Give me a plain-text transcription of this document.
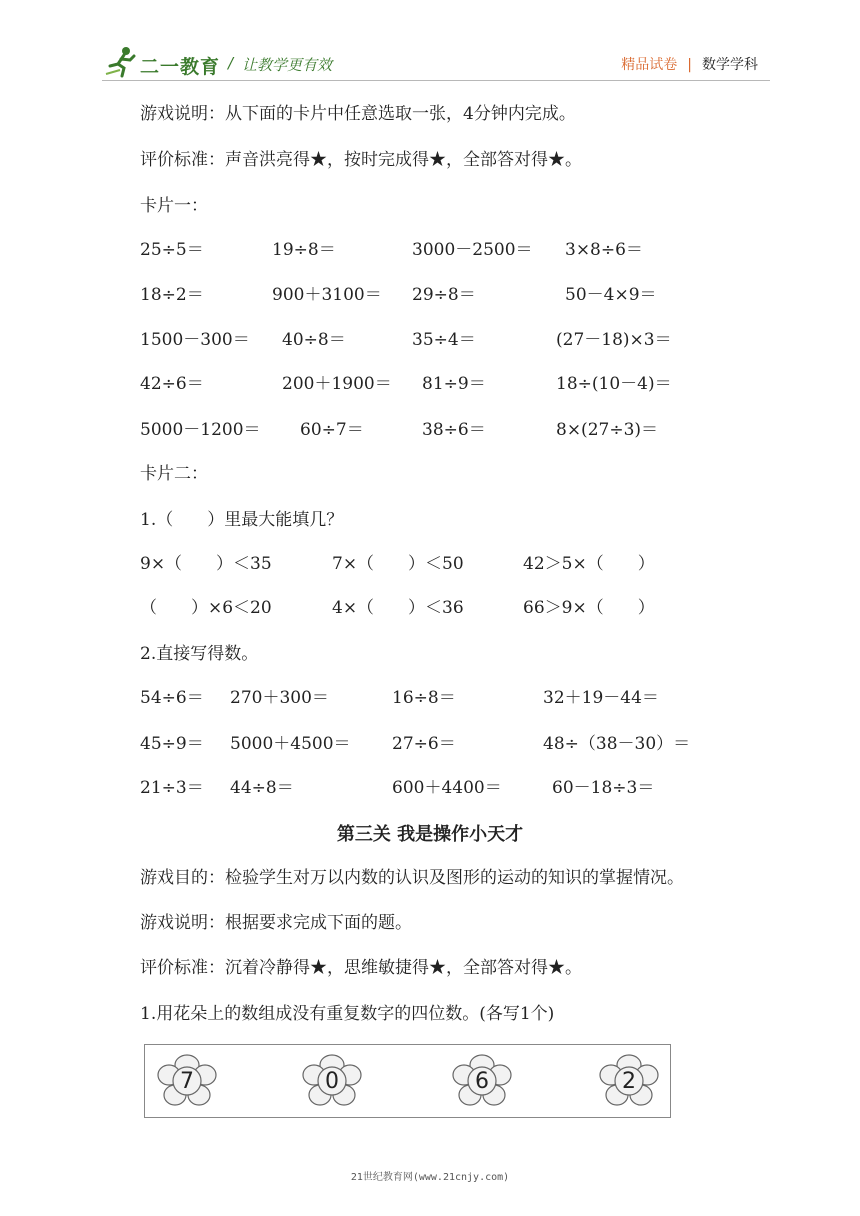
二一教育 / 让教学更有效	精品试卷 | 数学学科
游戏说明：从下面的卡片中任意选取一张，4分钟内完成。
评价标准：声音洪亮得★，按时完成得★，全部答对得★。
卡片一：
25÷5＝	19÷8＝	3000－2500＝ 3×8÷6＝
18÷2＝	900＋3100＝ 29÷8＝	50－4×9＝
1500－300＝ 40÷8＝	35÷4＝	(27－18)×3＝
42÷6＝	200＋1900＝ 81÷9＝	18÷(10－4)＝
5000－1200＝ 60÷7＝	38÷6＝	8×(27÷3)＝
卡片二：
1.（　　）里最大能填几？
9×（　　）＜35	7×（　　）＜50	42＞5×（　　）
（　　）×6＜20	4×（　　）＜36	66＞9×（　　）
2.直接写得数。
54÷6＝ 270＋300＝	16÷8＝	32＋19－44＝
45÷9＝ 5000＋4500＝ 27÷6＝	48÷（38－30）＝
21÷3＝ 44÷8＝	600＋4400＝	60－18÷3＝
第三关 我是操作小天才
游戏目的：检验学生对万以内数的认识及图形的运动的知识的掌握情况。
游戏说明：根据要求完成下面的题。
评价标准：沉着冷静得★，思维敏捷得★，全部答对得★。
1.用花朵上的数组成没有重复数字的四位数。(各写1个)
7	0	6	2
21世纪教育网(www.21cnjy.com)
